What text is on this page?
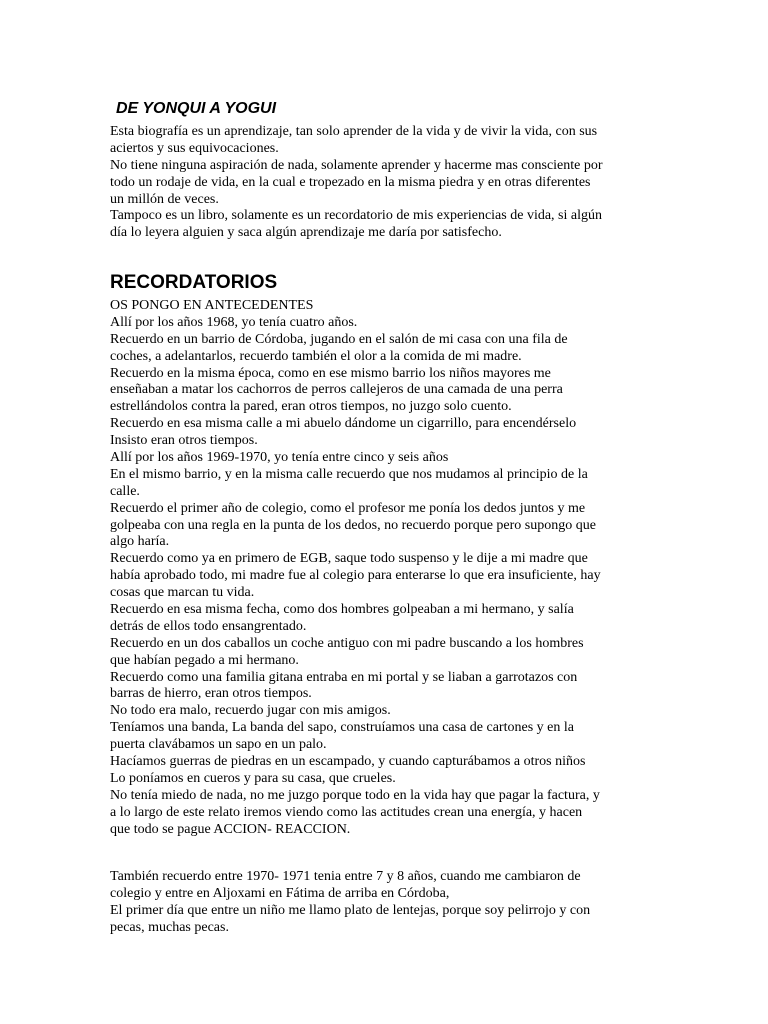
DE YONQUI A YOGUI
Esta biografía es un aprendizaje, tan solo aprender de la vida y de vivir la vida, con sus
aciertos y sus equivocaciones.
No tiene ninguna aspiración de nada, solamente aprender y hacerme mas consciente por
todo un rodaje de vida, en la cual e tropezado en la misma piedra y en otras diferentes
un millón de veces.
Tampoco es un libro, solamente es un recordatorio de mis experiencias de vida, si algún
día lo leyera alguien y saca algún aprendizaje me daría por satisfecho.
RECORDATORIOS
OS PONGO EN ANTECEDENTES
Allí por los años 1968, yo tenía cuatro años.
Recuerdo en un barrio de Córdoba, jugando en el salón de mi casa con una fila de
coches, a adelantarlos, recuerdo también el olor a la comida de mi madre.
Recuerdo en la misma época, como en ese mismo barrio los niños mayores me
enseñaban a matar los cachorros de perros callejeros de una camada de una perra
estrellándolos contra la pared, eran otros tiempos, no juzgo solo cuento.
Recuerdo en esa misma calle a mi abuelo dándome un cigarrillo, para encendérselo
Insisto eran otros tiempos.
Allí por los años 1969-1970, yo tenía entre cinco y seis años
En el mismo barrio, y en la misma calle recuerdo que nos mudamos al principio de la
calle.
Recuerdo el primer año de colegio, como el profesor me ponía los dedos juntos y me
golpeaba con una regla en la punta de los dedos, no recuerdo porque pero supongo que
algo haría.
Recuerdo como ya en primero de EGB, saque todo suspenso y le dije a mi madre que
había aprobado todo, mi madre fue al colegio para enterarse lo que era insuficiente, hay
cosas que marcan tu vida.
Recuerdo en esa misma fecha, como dos hombres golpeaban a mi hermano, y salía
detrás de ellos todo ensangrentado.
Recuerdo en un dos caballos un coche antiguo con mi padre buscando a los hombres
que habían pegado a mi hermano.
Recuerdo como una familia gitana entraba en mi portal y se liaban a garrotazos con
barras de hierro, eran otros tiempos.
No todo era malo, recuerdo jugar con mis amigos.
Teníamos una banda, La banda del sapo, construíamos una casa de cartones y en la
puerta clavábamos un sapo en un palo.
Hacíamos guerras de piedras en un escampado, y cuando capturábamos a otros niños
Lo poníamos en cueros y para su casa, que crueles.
No tenía miedo de nada, no me juzgo porque todo en la vida hay que pagar la factura, y
a lo largo de este relato iremos viendo como las actitudes crean una energía, y hacen
que todo se pague ACCION- REACCION.
También recuerdo entre 1970- 1971 tenia entre 7 y 8 años, cuando me cambiaron de
colegio y entre en Aljoxami en Fátima de arriba en Córdoba,
El primer día que entre un niño me llamo plato de lentejas, porque soy pelirrojo y con
pecas, muchas pecas.
